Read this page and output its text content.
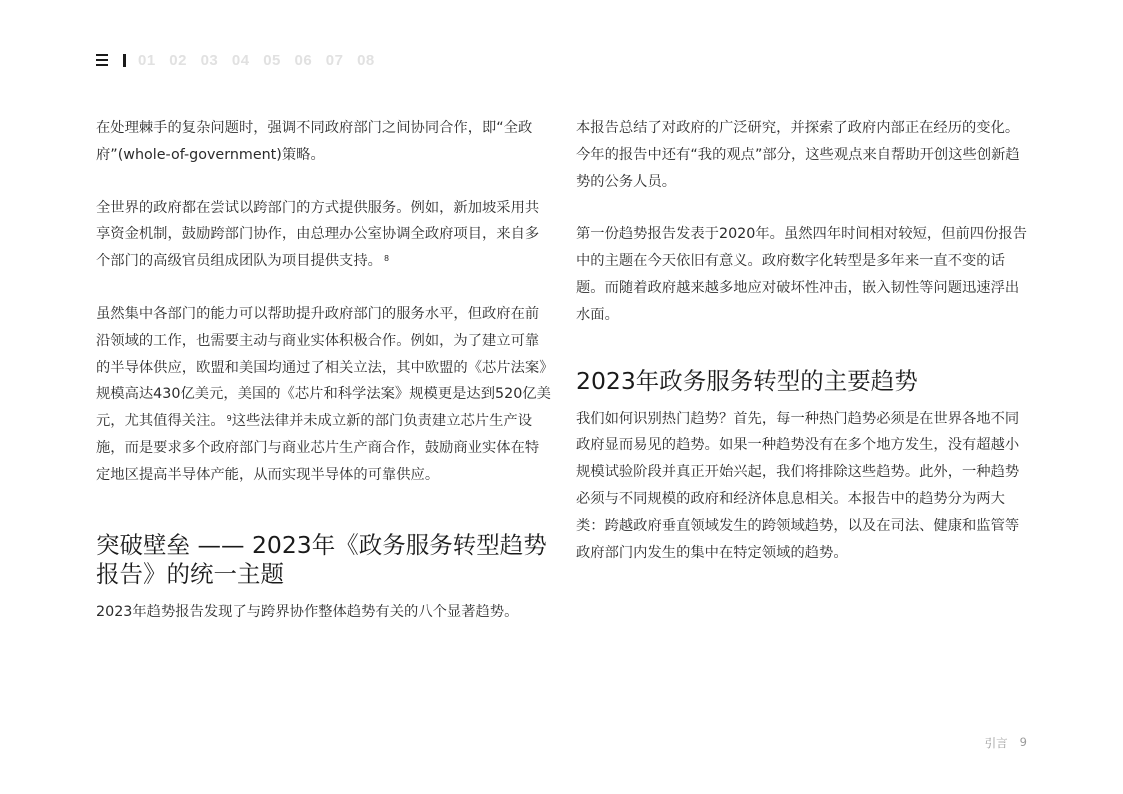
01 02 03 04 05 06 07 08

在处理棘手的复杂问题时，强调不同政府部门之间协同合作，即“全政府”(whole-of-government)策略。

全世界的政府都在尝试以跨部门的方式提供服务。例如，新加坡采用共享资金机制，鼓励跨部门协作，由总理办公室协调全政府项目，来自多个部门的高级官员组成团队为项目提供支持。 $^8$

虽然集中各部门的能力可以帮助提升政府部门的服务水平，但政府在前沿领域的工作，也需要主动与商业实体积极合作。例如，为了建立可靠的半导体供应，欧盟和美国均通过了相关立法，其中欧盟的《芯片法案》规模高达430亿美元，美国的《芯片和科学法案》规模更是达到520亿美元，尤其值得关注。 $^9$这些法律并未成立新的部门负责建立芯片生产设施，而是要求多个政府部门与商业芯片生产商合作，鼓励商业实体在特定地区提高半导体产能，从而实现半导体的可靠供应。

突破壁垒 —— 2023年《政务服务转型趋势报告》的统一主题

2023年趋势报告发现了与跨界协作整体趋势有关的八个显著趋势。

本报告总结了对政府的广泛研究，并探索了政府内部正在经历的变化。今年的报告中还有“我的观点”部分，这些观点来自帮助开创这些创新趋势的公务人员。

第一份趋势报告发表于2020年。虽然四年时间相对较短，但前四份报告中的主题在今天依旧有意义。政府数字化转型是多年来一直不变的话题。而随着政府越来越多地应对破坏性冲击，嵌入韧性等问题迅速浮出水面。

2023年政务服务转型的主要趋势

我们如何识别热门趋势？首先，每一种热门趋势必须是在世界各地不同政府显而易见的趋势。如果一种趋势没有在多个地方发生，没有超越小规模试验阶段并真正开始兴起，我们将排除这些趋势。此外，一种趋势必须与不同规模的政府和经济体息息相关。本报告中的趋势分为两大类：跨越政府垂直领域发生的跨领域趋势，以及在司法、健康和监管等政府部门内发生的集中在特定领域的趋势。

引言 9
